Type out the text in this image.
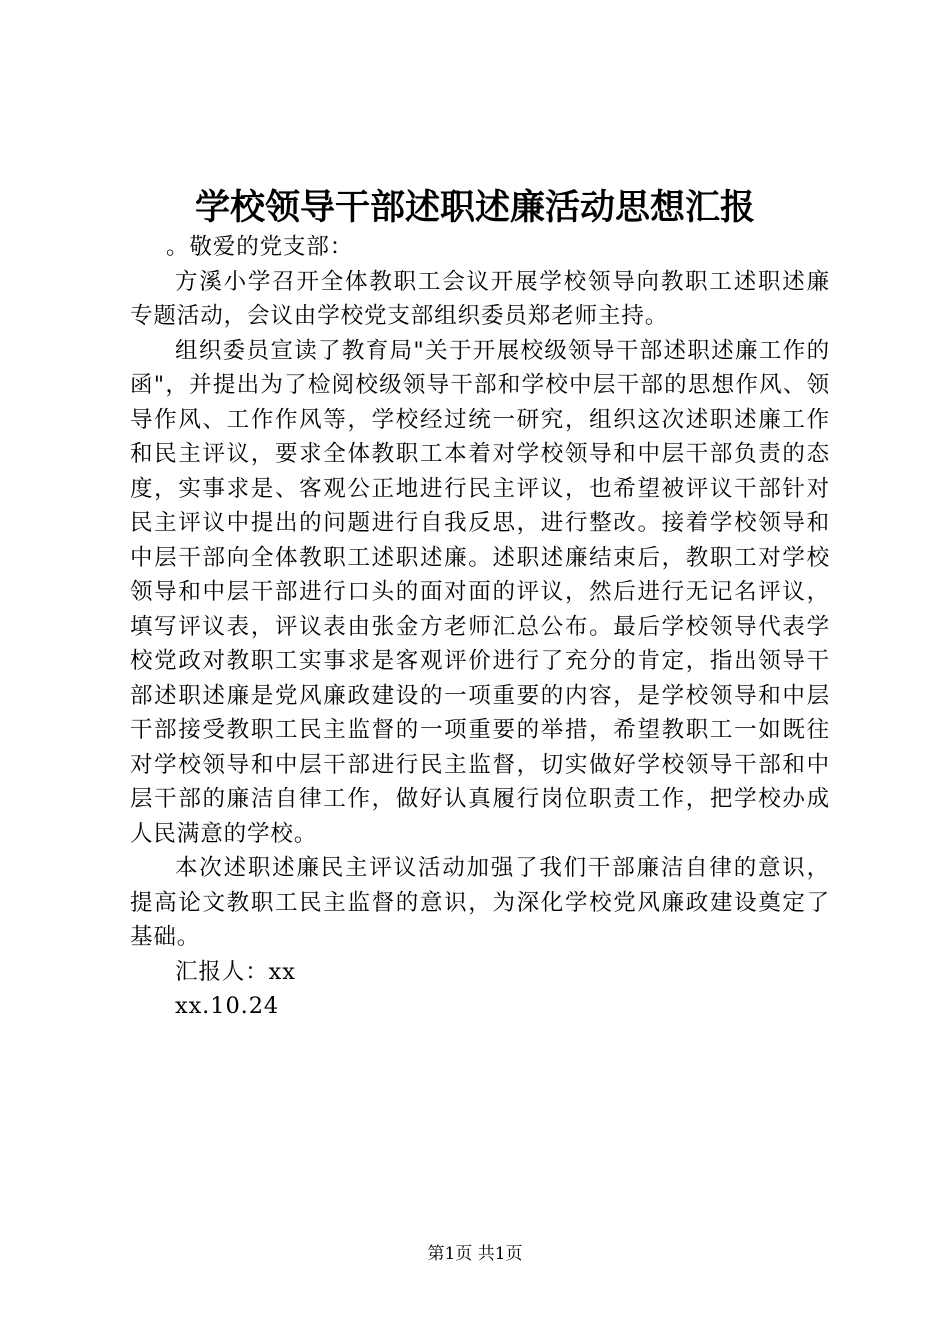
学校领导干部述职述廉活动思想汇报

。敬爱的党支部：

方溪小学召开全体教职工会议开展学校领导向教职工述职述廉专题活动，会议由学校党支部组织委员郑老师主持。

组织委员宣读了教育局"关于开展校级领导干部述职述廉工作的函"，并提出为了检阅校级领导干部和学校中层干部的思想作风、领导作风、工作作风等，学校经过统一研究，组织这次述职述廉工作和民主评议，要求全体教职工本着对学校领导和中层干部负责的态度，实事求是、客观公正地进行民主评议，也希望被评议干部针对民主评议中提出的问题进行自我反思，进行整改。接着学校领导和中层干部向全体教职工述职述廉。述职述廉结束后，教职工对学校领导和中层干部进行口头的面对面的评议，然后进行无记名评议，填写评议表，评议表由张金方老师汇总公布。最后学校领导代表学校党政对教职工实事求是客观评价进行了充分的肯定，指出领导干部述职述廉是党风廉政建设的一项重要的内容，是学校领导和中层干部接受教职工民主监督的一项重要的举措，希望教职工一如既往对学校领导和中层干部进行民主监督，切实做好学校领导干部和中层干部的廉洁自律工作，做好认真履行岗位职责工作，把学校办成人民满意的学校。

本次述职述廉民主评议活动加强了我们干部廉洁自律的意识，提高论文教职工民主监督的意识，为深化学校党风廉政建设奠定了基础。

汇报人：xx

xx.10.24

第1页 共1页
